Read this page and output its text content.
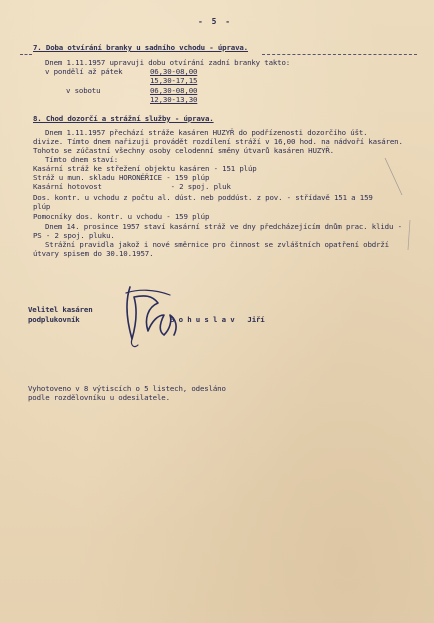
- 5 -
7. Doba otvírání branky u sadního vchodu - úprava.
Dnem 1.11.1957 upravuji dobu otvírání zadní branky takto:
v pondělí až pátek	06,30-08,00
15,30-17,15
v sobotu	06,30-08,00
12,30-13,30
8. Chod dozorčí a strážní služby - úprava.
Dnem 1.11.1957 přechází stráže kasáren HUZYŘ do podřízenosti dozorčího úšt.
divize. Tímto dnem nařizuji provádět rozdílení stráží v 16,00 hod. na nádvoří kasáren.
Tohoto se zúčastní všechny osoby celodenní směny útvarů kasáren HUZYŘ.
Tímto dnem staví:
Kasární stráž ke střežení objektu kasáren - 151 plúp
Stráž u mun. skladu HORONĚŘICE - 159 plúp
Kasární hotovost                - 2 spoj. pluk
Dos. kontr. u vchodu z počtu al. dúst. neb poddúst. z pov. - střídavě 151 a 159
plúp
Pomocníky dos. kontr. u vchodu - 159 plúp
Dnem 14. prosince 1957 staví kasární stráž ve dny předcházejícím dnům prac. klidu -
PS - 2 spoj. pluku.
Strážní pravidla jakož i nové směrnice pro činnost se zvláštních opatření obdrží
útvary spisem do 30.10.1957.
Velitel kasáren
podplukovník	B o h u s l a v   Jiří
Vyhotoveno v 8 výtiscích o 5 listech, odesláno
podle rozdělovníku u odesilatele.
